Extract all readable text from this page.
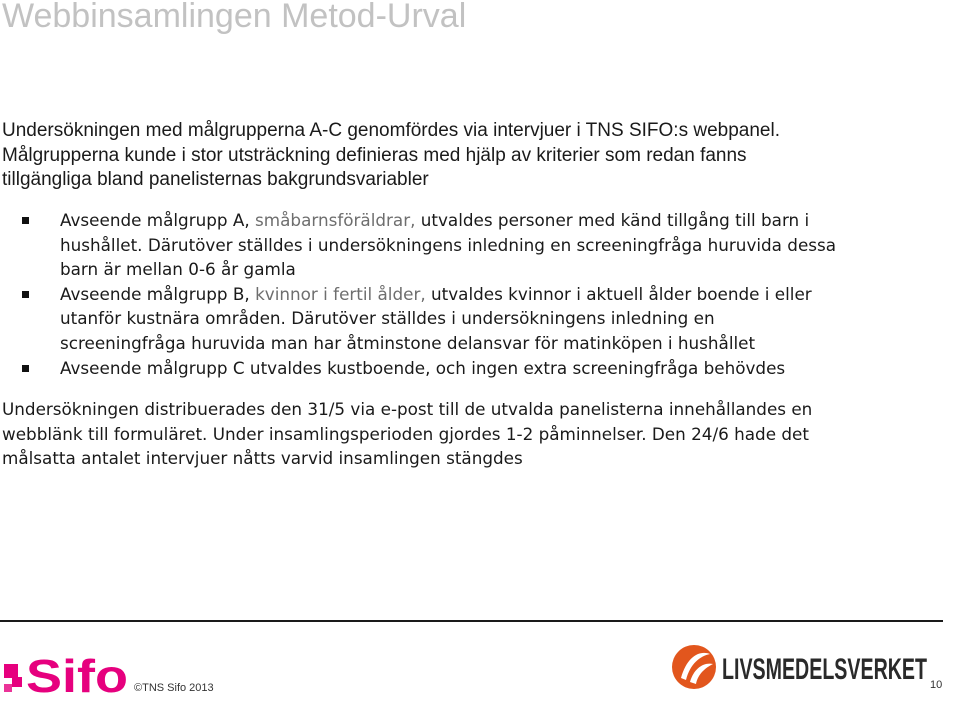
Webbinsamlingen Metod-Urval
Undersökningen med målgrupperna A-C genomfördes via intervjuer i TNS SIFO:s webpanel.
Målgrupperna kunde i stor utsträckning definieras med hjälp av kriterier som redan fanns
tillgängliga bland panelisternas bakgrundsvariabler
Avseende målgrupp A, småbarnsföräldrar, utvaldes personer med känd tillgång till barn i
hushållet. Därutöver ställdes i undersökningens inledning en screeningfråga huruvida dessa
barn är mellan 0-6 år gamla
Avseende målgrupp B, kvinnor i fertil ålder, utvaldes kvinnor i aktuell ålder boende i eller
utanför kustnära områden. Därutöver ställdes i undersökningens inledning en
screeningfråga huruvida man har åtminstone delansvar för matinköpen i hushållet
Avseende målgrupp C utvaldes kustboende, och ingen extra screeningfråga behövdes
Undersökningen distribuerades den 31/5 via e-post till de utvalda panelisterna innehållandes en
webblänk till formuläret. Under insamlingsperioden gjordes 1-2 påminnelser. Den 24/6 hade det
målsatta antalet intervjuer nåtts varvid insamlingen stängdes
Sifo ©TNS Sifo 2013
LIVSMEDELSVERKET 10
